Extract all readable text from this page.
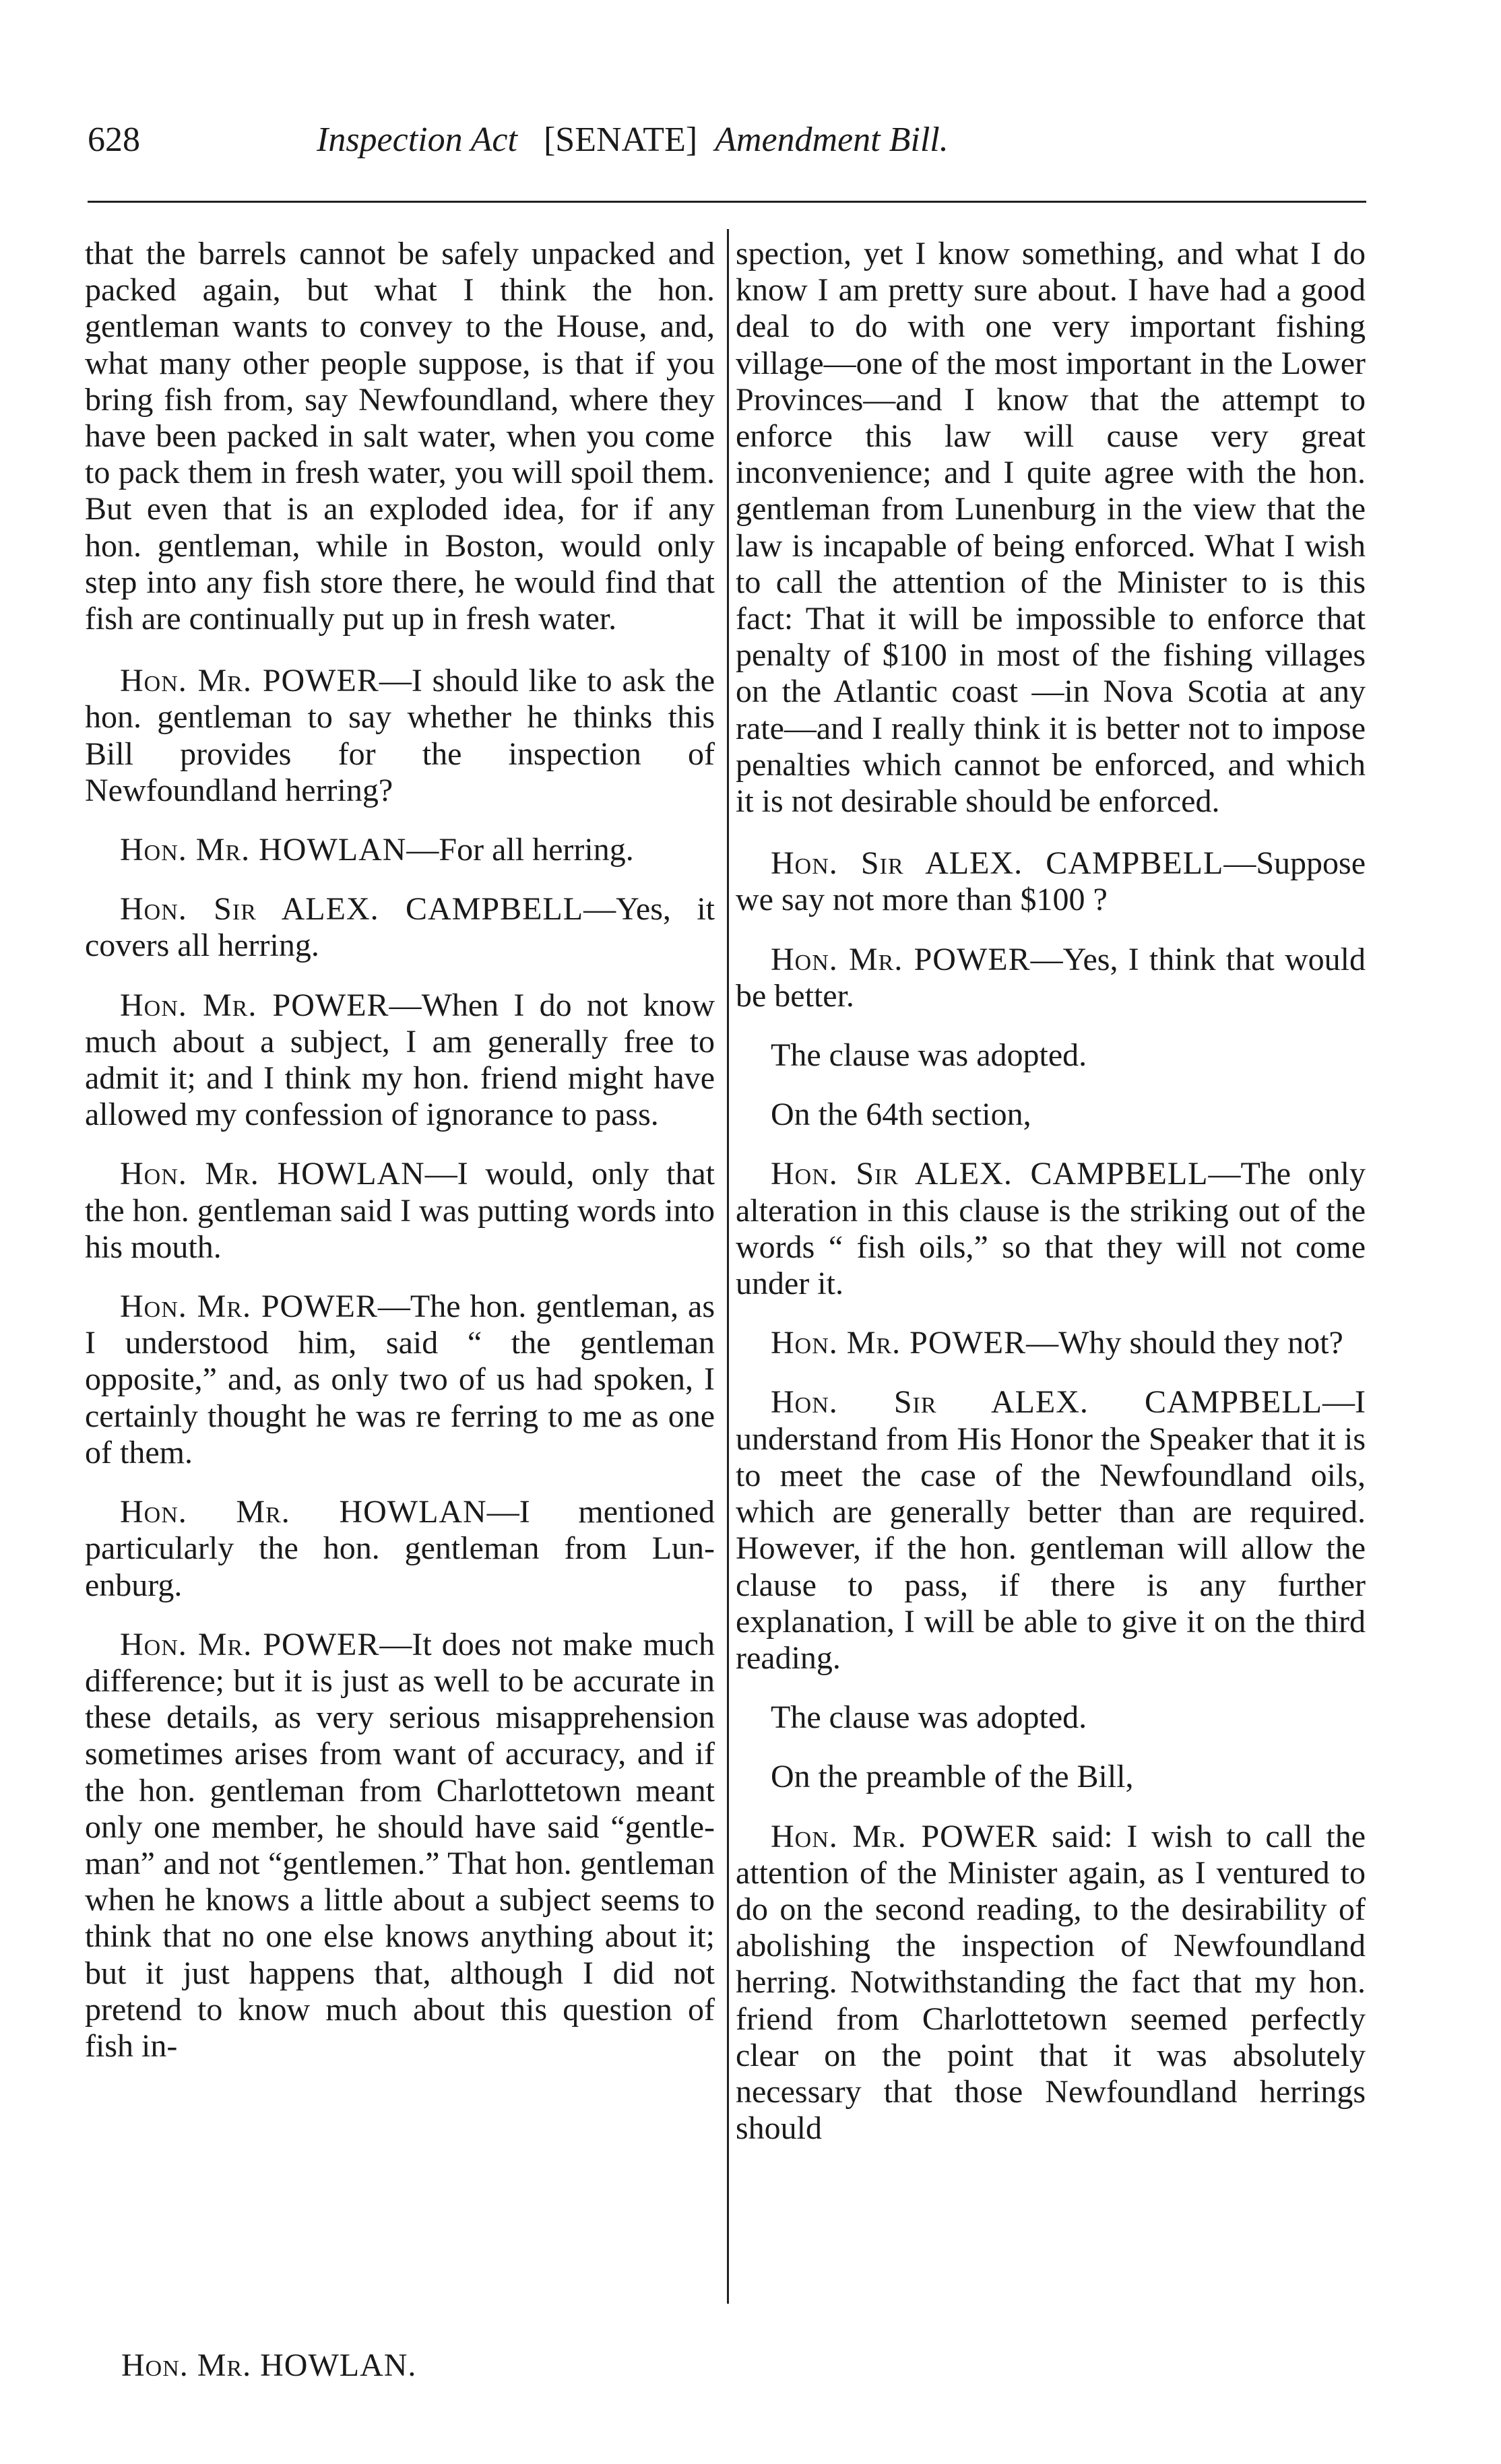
628	Inspection Act [SENATE] Amendment Bill.

that the barrels cannot be safely unpacked and packed again, but what I think the hon. gentleman wants to convey to the House, and, what many other people suppose, is that if you bring fish from, say Newfoundland, where they have been packed in salt water, when you come to pack them in fresh water, you will spoil them. But even that is an exploded idea, for if any hon. gentleman, while in Boston, would only step into any fish store there, he would find that fish are continually put up in fresh water.

Hon. Mr. POWER—I should like to ask the hon. gentleman to say whether he thinks this Bill provides for the inspection of Newfoundland herring?

Hon. Mr. HOWLAN—For all herring.

Hon. Sir ALEX. CAMPBELL—Yes, it covers all herring.

Hon. Mr. POWER—When I do not know much about a subject, I am generally free to admit it; and I think my hon. friend might have allowed my confession of ignorance to pass.

Hon. Mr. HOWLAN—I would, only that the hon. gentleman said I was putting words into his mouth.

Hon. Mr. POWER—The hon. gentleman, as I understood him, said “ the gentleman opposite,” and, as only two of us had spoken, I certainly thought he was re ferring to me as one of them.

Hon. Mr. HOWLAN—I mentioned particularly the hon. gentleman from Lunenburg.

Hon. Mr. POWER—It does not make much difference; but it is just as well to be accurate in these details, as very serious misapprehension sometimes arises from want of accuracy, and if the hon. gentleman from Charlottetown meant only one member, he should have said “gentleman” and not “gentlemen.” That hon. gentleman when he knows a little about a subject seems to think that no one else knows anything about it; but it just happens that, although I did not pretend to know much about this question of fish in-

spection, yet I know something, and what I do know I am pretty sure about. I have had a good deal to do with one very important fishing village—one of the most important in the Lower Provinces—and I know that the attempt to enforce this law will cause very great inconvenience; and I quite agree with the hon. gentleman from Lunenburg in the view that the law is incapable of being enforced. What I wish to call the attention of the Minister to is this fact: That it will be impossible to enforce that penalty of $100 in most of the fishing villages on the Atlantic coast —in Nova Scotia at any rate—and I really think it is better not to impose penalties which cannot be enforced, and which it is not desirable should be enforced.

Hon. Sir ALEX. CAMPBELL—Suppose we say not more than $100 ?

Hon. Mr. POWER—Yes, I think that would be better.

The clause was adopted.

On the 64th section,

Hon. Sir ALEX. CAMPBELL—The only alteration in this clause is the striking out of the words “ fish oils,” so that they will not come under it.

Hon. Mr. POWER—Why should they not?

Hon. Sir ALEX. CAMPBELL—I understand from His Honor the Speaker that it is to meet the case of the Newfoundland oils, which are generally better than are required. However, if the hon. gentleman will allow the clause to pass, if there is any further explanation, I will be able to give it on the third reading.

The clause was adopted.

On the preamble of the Bill,

Hon. Mr. POWER said: I wish to call the attention of the Minister again, as I ventured to do on the second reading, to the desirability of abolishing the inspection of Newfoundland herring. Notwithstanding the fact that my hon. friend from Charlottetown seemed perfectly clear on the point that it was absolutely necessary that those Newfoundland herrings should

Hon. Mr. HOWLAN.
